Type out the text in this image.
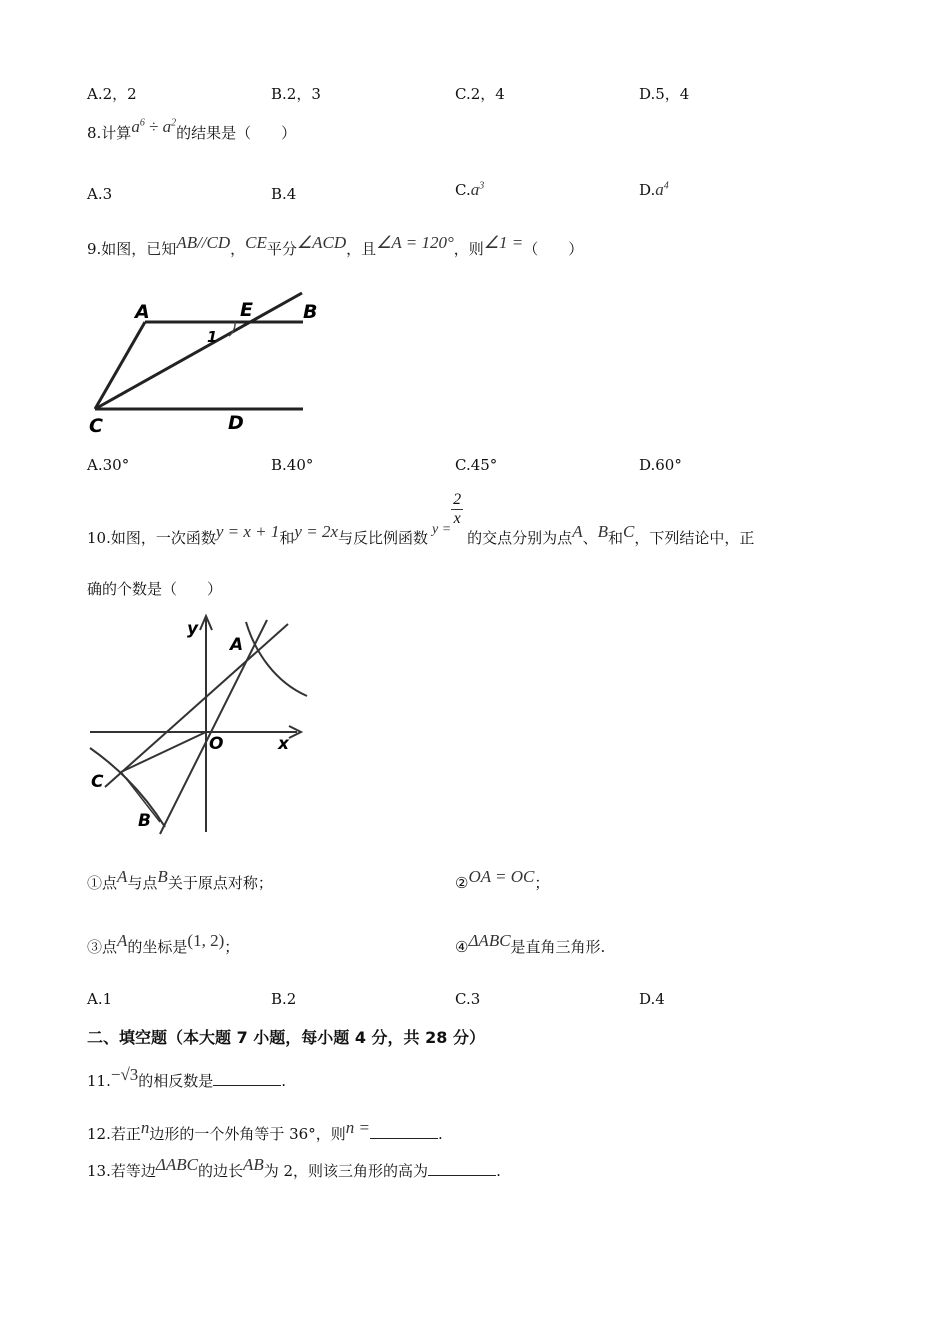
A.2，2	B.2，3	C.2，4	D.5，4
8.计算$a^6 \div a^2$的结果是（　　）
A.3	B.4	$C.a^3$	$D.a^4$
9.如图，已知AB//CD，CE平分∠ACD，且∠A = 120°，则∠1 =（　　）
A	E	B
1
C	D
A.30°	B.40°	C.45°	D.60°
10.如图，一次函数y = x + 1和y = 2x与反比例函数 y =
$\frac{2}{x}$
的交点分别为点A、B和C，下列结论中，正
确的个数是（　　）
y
x
O
A
C
B
①点A与点B关于原点对称；	②OA = OC；
③点A的坐标是(1, 2)；	④ΔABC是直角三角形.
A.1	B.2	C.3	D.4
二、填空题（本大题 7 小题，每小题 4 分，共 28 分）
11.−√3的相反数是	.
12.若正n边形的一个外角等于 36°，则n =	.
13.若等边ΔABC的边长AB为 2，则该三角形的高为	.
